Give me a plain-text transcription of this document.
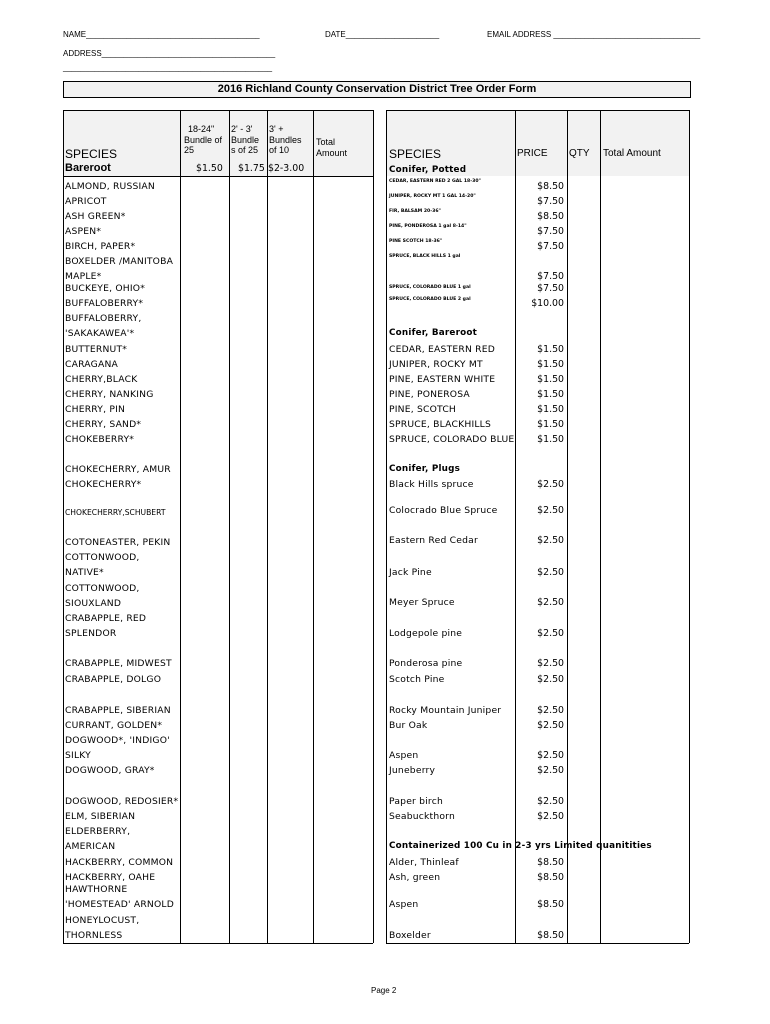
NAME_______________________________________	DATE_____________________	EMAIL ADDRESS _________________________________
ADDRESS_______________________________________
_______________________________________________
2016 Richland County Conservation District Tree Order Form
SPECIES
Bareroot
18-24"
Bundle of
25
2' - 3'
Bundle
s of 25
3' +
Bundles
of 10
Total
Amount
$1.50 $1.75 $2-3.00
ALMOND, RUSSIAN
APRICOT
ASH GREEN*
ASPEN*
BIRCH, PAPER*
BOXELDER /MANITOBA
MAPLE*
BUCKEYE, OHIO*
BUFFALOBERRY*
BUFFALOBERRY,
'SAKAKAWEA'*
BUTTERNUT*
CARAGANA
CHERRY,BLACK
CHERRY, NANKING
CHERRY, PIN
CHERRY, SAND*
CHOKEBERRY*
CHOKECHERRY, AMUR
CHOKECHERRY*
CHOKECHERRY,SCHUBERT
COTONEASTER, PEKIN
COTTONWOOD,
NATIVE*
COTTONWOOD,
SIOUXLAND
CRABAPPLE, RED
SPLENDOR
CRABAPPLE, MIDWEST
CRABAPPLE, DOLGO
CRABAPPLE, SIBERIAN
CURRANT, GOLDEN*
DOGWOOD*, 'INDIGO'
SILKY
DOGWOOD, GRAY*
DOGWOOD, REDOSIER*
ELM, SIBERIAN
ELDERBERRY,
AMERICAN
HACKBERRY, COMMON
HACKBERRY, OAHE
HAWTHORNE
'HOMESTEAD' ARNOLD
HONEYLOCUST,
THORNLESS
SPECIES	PRICE QTY Total Amount
Conifer, Potted
CEDAR, EASTERN RED 2 GAL 18-30"	$8.50
JUNIPER, ROCKY MT 1 GAL 14-20"	$7.50
FIR, BALSAM 20-36"	$8.50
PINE, PONDEROSA 1 gal 8-14"	$7.50
PINE SCOTCH 18-36"	$7.50
SPRUCE, BLACK HILLS 1 gal
$7.50
SPRUCE, COLORADO BLUE 1 gal	$7.50
SPRUCE, COLORADO BLUE 2 gal	$10.00
Conifer, Bareroot
CEDAR, EASTERN RED	$1.50
JUNIPER, ROCKY MT	$1.50
PINE, EASTERN WHITE	$1.50
PINE, PONEROSA	$1.50
PINE, SCOTCH	$1.50
SPRUCE, BLACKHILLS	$1.50
SPRUCE, COLORADO BLUE	$1.50
Conifer, Plugs
Black Hills spruce	$2.50
Colocrado Blue Spruce	$2.50
Eastern Red Cedar	$2.50
Jack Pine	$2.50
Meyer Spruce	$2.50
Lodgepole pine	$2.50
Ponderosa pine	$2.50
Scotch Pine	$2.50
Rocky Mountain Juniper	$2.50
Bur Oak	$2.50
Aspen	$2.50
Juneberry	$2.50
Paper birch	$2.50
Seabuckthorn	$2.50
Containerized 100 Cu in 2-3 yrs Limited quanitities
Alder, Thinleaf	$8.50
Ash, green	$8.50
Aspen	$8.50
Boxelder	$8.50
Page 2
